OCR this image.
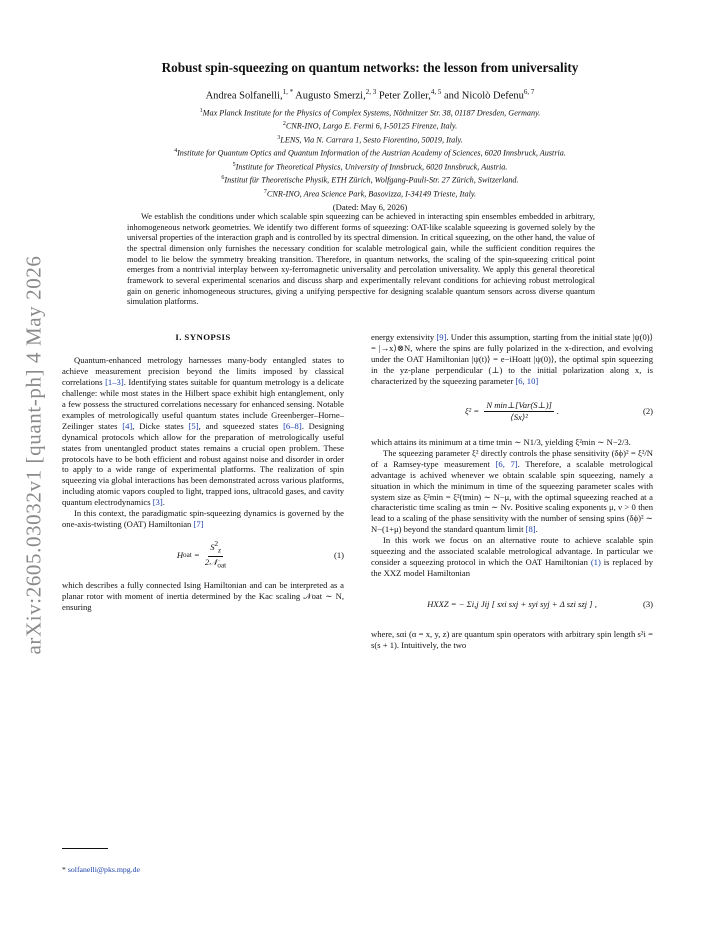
arXiv:2605.03032v1 [quant-ph] 4 May 2026
Robust spin-squeezing on quantum networks: the lesson from universality
Andrea Solfanelli,$^{1, *}$ Augusto Smerzi,$^{2, 3}$ Peter Zoller,$^{4, 5}$ and Nicolò Defenu$^{6, 7}$
$^1$Max Planck Institute for the Physics of Complex Systems, Nöthnitzer Str. 38, 01187 Dresden, Germany.
$^2$CNR-INO, Largo E. Fermi 6, I-50125 Firenze, Italy.
$^3$LENS, Via N. Carrara 1, Sesto Fiorentino, 50019, Italy.
$^4$Institute for Quantum Optics and Quantum Information of the Austrian Academy of Sciences, 6020 Innsbruck, Austria.
$^5$Institute for Theoretical Physics, University of Innsbruck, 6020 Innsbruck, Austria.
$^6$Institut für Theoretische Physik, ETH Zürich, Wolfgang-Pauli-Str. 27 Zürich, Switzerland.
$^7$CNR-INO, Area Science Park, Basovizza, I-34149 Trieste, Italy.
(Dated: May 6, 2026)

We establish the conditions under which scalable spin squeezing can be achieved in interacting spin ensembles embedded in arbitrary, inhomogeneous network geometries. We identify two different forms of squeezing: OAT-like scalable squeezing is governed solely by the universal properties of the interaction graph and is controlled by its spectral dimension. In critical squeezing, on the other hand, the value of the spectral dimension only furnishes the necessary condition for scalable metrological gain, while the sufficient condition requires the model to lie below the symmetry breaking transition. Therefore, in quantum networks, the scaling of the spin-squeezing critical point emerges from a nontrivial interplay between xy-ferromagnetic universality and percolation universality. We apply this general theoretical framework to several experimental scenarios and discuss sharp and experimentally relevant conditions for achieving robust metrological gain on generic inhomogeneous structures, giving a unifying perspective for designing scalable quantum sensors across diverse quantum simulation platforms.

I. SYNOPSIS

Quantum-enhanced metrology harnesses many-body entangled states to achieve measurement precision beyond the limits imposed by classical correlations [1–3]. Identifying states suitable for quantum metrology is a delicate challenge: while most states in the Hilbert space exhibit high entanglement, only a few possess the structured correlations necessary for enhanced sensing. Notable examples of metrologically useful quantum states include Greenberger–Horne–Zeilinger states [4], Dicke states [5], and squeezed states [6–8]. Designing dynamical protocols which allow for the preparation of metrologically useful states from unentangled product states remains a crucial open problem. These protocols have to be both efficient and robust against noise and disorder in order to apply to a wide range of experimental platforms. The realization of spin squeezing via global interactions has been demonstrated across various platforms, including atomic vapors coupled to light, trapped ions, ultracold gases, and cavity quantum electrodynamics [3].

In this context, the paradigmatic spin-squeezing dynamics is governed by the one-axis-twisting (OAT) Hamiltonian [7]

H oat = $\frac{S^2_z}{2𝒩_{oat}}$	(1)

which describes a fully connected Ising Hamiltonian and can be interpreted as a planar rotor with moment of inertia determined by the Kac scaling 𝒩oat ∼ N, ensuring

energy extensivity [9]. Under this assumption, starting from the initial state |ψ(0)⟩ = |→x⟩⊗N, where the spins are fully polarized in the x-direction, and evolving under the OAT Hamiltonian |ψ(t)⟩ = e−iHoatt |ψ(0)⟩, the optimal spin squeezing in the yz-plane perpendicular (⊥) to the initial polarization along x, is characterized by the squeezing parameter [6, 10]

ξ² =
$\frac{\text{N min⊥[Var(S⊥)]}}{\text{⟨Sx⟩²}}$ .	(2)

which attains its minimum at a time tmin ∼ N1/3, yielding ξ²min ∼ N−2/3.

The squeezing parameter ξ² directly controls the phase sensitivity (δϕ)² = ξ²/N of a Ramsey-type measurement [6, 7]. Therefore, a scalable metrological advantage is achived whenever we obtain scalable spin squeezing, namely a situation in which the minimum in time of the squeezing parameter scales with system size as ξ²min = ξ²(tmin) ∼ N−μ, with the optimal squeezing reached at a characteristic time scaling as tmin ∼ Nν. Positive scaling exponents μ, ν > 0 then lead to a scaling of the phase sensitivity with the number of sensing spins (δϕ)² ∼ N−(1+μ) beyond the standard quantum limit [8].

In this work we focus on an alternative route to achieve scalable spin squeezing and the associated scalable metrological advantage. In particular we consider a squeezing protocol in which the OAT Hamiltonian (1) is replaced by the XXZ model Hamiltonian

HXXZ = − Σi,j Jij [ sxi sxj + syi syj + Δ szi szj ] ,	(3)

where, sαi (α = x, y, z) are quantum spin operators with arbitrary spin length s²i = s(s + 1). Intuitively, the two

* solfanelli@pks.mpg.de
